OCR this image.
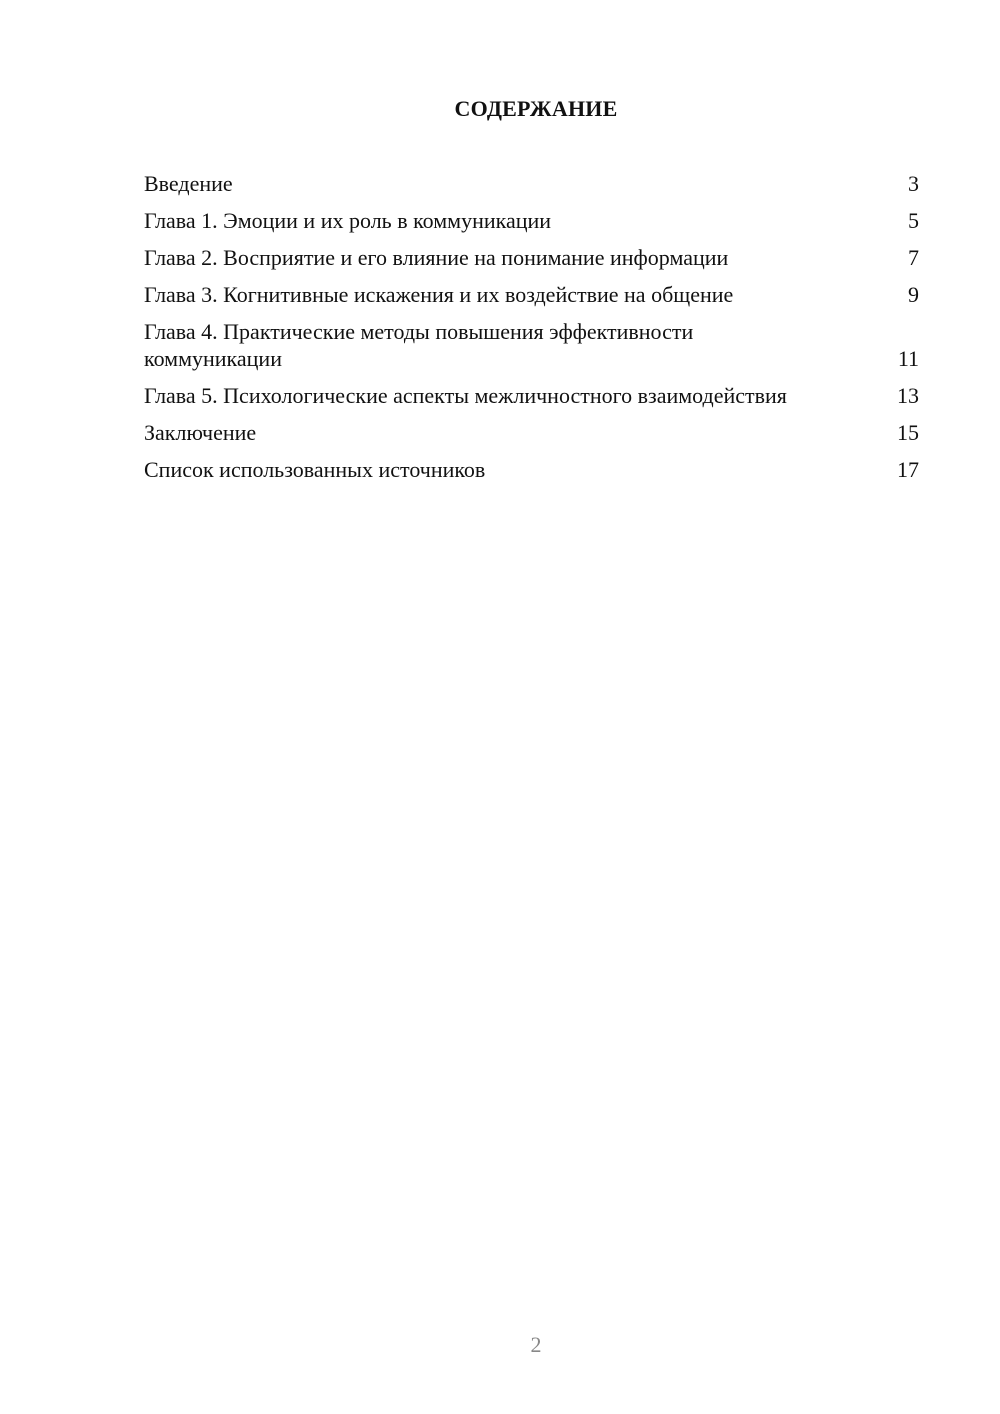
СОДЕРЖАНИЕ
Введение	3
Глава 1. Эмоции и их роль в коммуникации	5
Глава 2. Восприятие и его влияние на понимание информации	7
Глава 3. Когнитивные искажения и их воздействие на общение	9
Глава 4. Практические методы повышения эффективности коммуникации	11
Глава 5. Психологические аспекты межличностного взаимодействия	13
Заключение	15
Список использованных источников	17
2
